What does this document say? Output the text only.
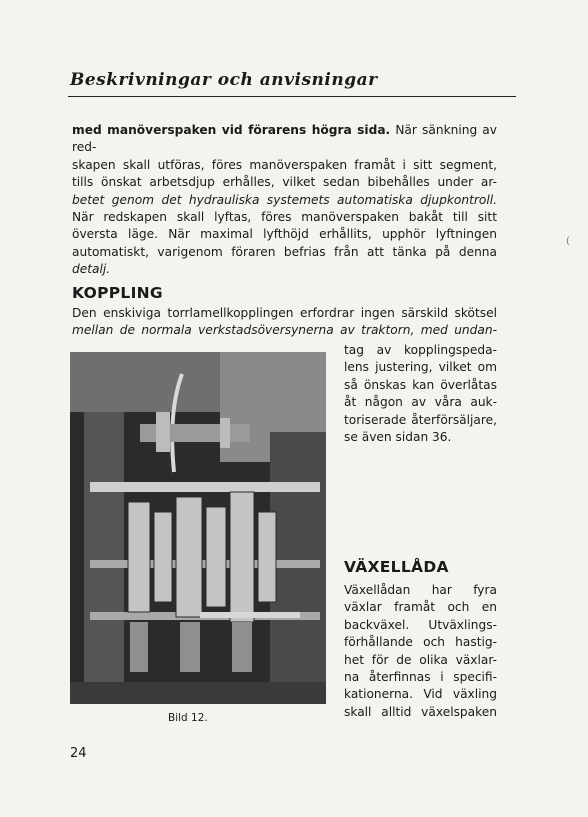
Beskrivningar och anvisningar
med manöverspaken vid förarens högra sida. När sänkning av red-
skapen skall utföras, föres manöverspaken framåt i sitt segment,
tills önskat arbetsdjup erhålles, vilket sedan bibehålles under ar-
betet genom det hydrauliska systemets automatiska djupkontroll.
När redskapen skall lyftas, föres manöverspaken bakåt till sitt
översta läge. När maximal lyfthöjd erhållits, upphör lyftningen
automatiskt, varigenom föraren befrias från att tänka på denna
detalj.
KOPPLING
Den enskiviga torrlamellkopplingen erfordrar ingen särskild skötsel
mellan de normala verkstadsöversynerna av traktorn, med undan-
tag av kopplingspeda-
lens justering, vilket om
så önskas kan överlåtas
åt någon av våra auk-
toriserade återförsäljare,
se även sidan 36.
Bild 12.
VÄXELLÅDA
Växellådan har fyra
växlar framåt och en
backväxel. Utväxlings-
förhållande och hastig-
het för de olika växlar-
na återfinnas i specifi-
kationerna. Vid växling
skall alltid växelspaken
24
(
